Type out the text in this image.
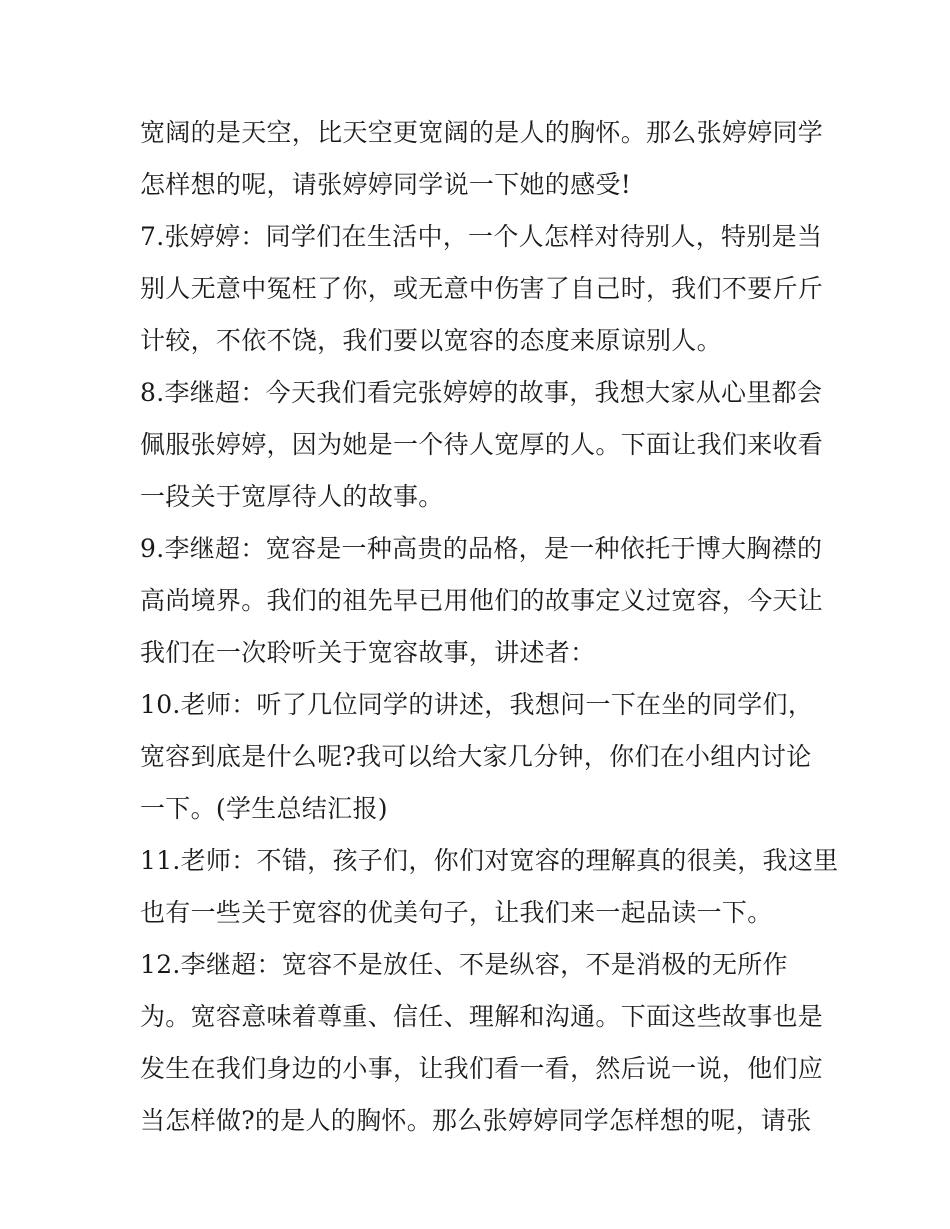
宽阔的是天空，比天空更宽阔的是人的胸怀。那么张婷婷同学
怎样想的呢，请张婷婷同学说一下她的感受!
7.张婷婷：同学们在生活中，一个人怎样对待别人，特别是当
别人无意中冤枉了你，或无意中伤害了自己时，我们不要斤斤
计较，不依不饶，我们要以宽容的态度来原谅别人。
8.李继超：今天我们看完张婷婷的故事，我想大家从心里都会
佩服张婷婷，因为她是一个待人宽厚的人。下面让我们来收看
一段关于宽厚待人的故事。
9.李继超：宽容是一种高贵的品格，是一种依托于博大胸襟的
高尚境界。我们的祖先早已用他们的故事定义过宽容，今天让
我们在一次聆听关于宽容故事，讲述者：
10.老师：听了几位同学的讲述，我想问一下在坐的同学们，
宽容到底是什么呢?我可以给大家几分钟，你们在小组内讨论
一下。(学生总结汇报)
11.老师：不错，孩子们，你们对宽容的理解真的很美，我这里
也有一些关于宽容的优美句子，让我们来一起品读一下。
12.李继超：宽容不是放任、不是纵容，不是消极的无所作
为。宽容意味着尊重、信任、理解和沟通。下面这些故事也是
发生在我们身边的小事，让我们看一看，然后说一说，他们应
当怎样做?的是人的胸怀。那么张婷婷同学怎样想的呢，请张
